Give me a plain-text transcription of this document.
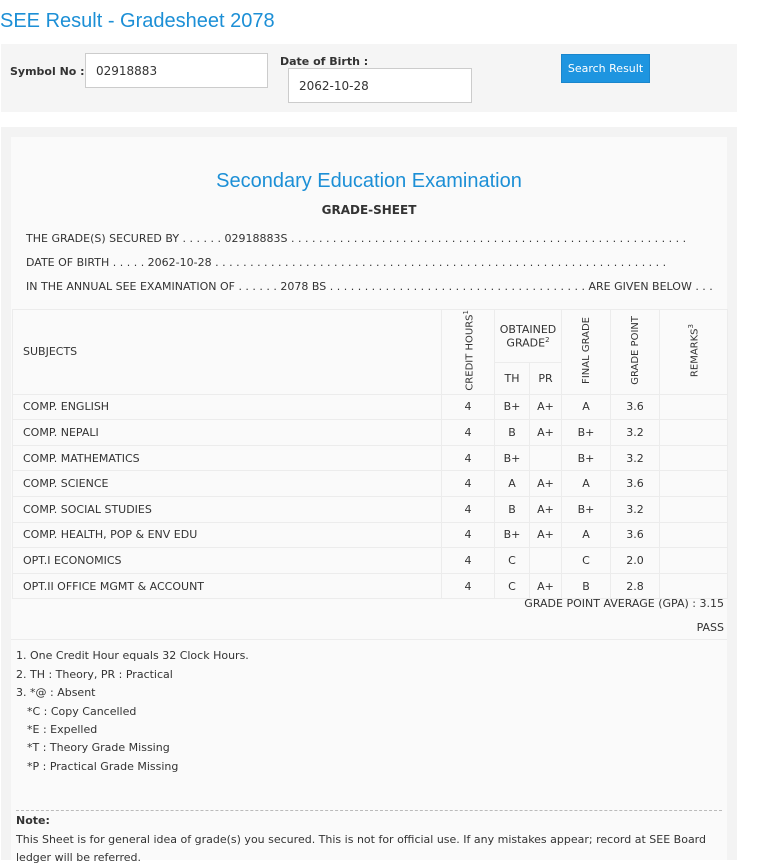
SEE Result - Gradesheet 2078
Symbol No : 02918883
Date of Birth :
2062-10-28
Search Result
Secondary Education Examination
GRADE-SHEET
THE GRADE(S) SECURED BY . . . . . . 02918883S . . . . . . . . . . . . . . . . . . . . . . . . . . . . . . . . . . . . . . . . . . . . . . . . . . . . . . . . .
DATE OF BIRTH . . . . . 2062-10-28 . . . . . . . . . . . . . . . . . . . . . . . . . . . . . . . . . . . . . . . . . . . . . . . . . . . . . . . . . . . . . . . . .
IN THE ANNUAL SEE EXAMINATION OF . . . . . . 2078 BS . . . . . . . . . . . . . . . . . . . . . . . . . . . . . . . . . . . . . ARE GIVEN BELOW . . .
SUBJECTS	CREDIT HOURS$^1$	OBTAINED GRADE$^2$		FINAL GRADE	GRADE POINT	REMARKS$^3$
		TH	PR			
COMP. ENGLISH	4	B+	A+	A	3.6	
COMP. NEPALI	4	B	A+	B+	3.2	
COMP. MATHEMATICS	4	B+		B+	3.2	
COMP. SCIENCE	4	A	A+	A	3.6	
COMP. SOCIAL STUDIES	4	B	A+	B+	3.2	
COMP. HEALTH, POP & ENV EDU	4	B+	A+	A	3.6	
OPT.I ECONOMICS	4	C		C	2.0	
OPT.II OFFICE MGMT & ACCOUNT	4	C	A+	B	2.8	
GRADE POINT AVERAGE (GPA) : 3.15
PASS
1. One Credit Hour equals 32 Clock Hours.
2. TH : Theory, PR : Practical
3. *@ : Absent
*C : Copy Cancelled
*E : Expelled
*T : Theory Grade Missing
*P : Practical Grade Missing
Note:
This Sheet is for general idea of grade(s) you secured. This is not for official use. If any mistakes appear; record at SEE Board ledger will be referred.
